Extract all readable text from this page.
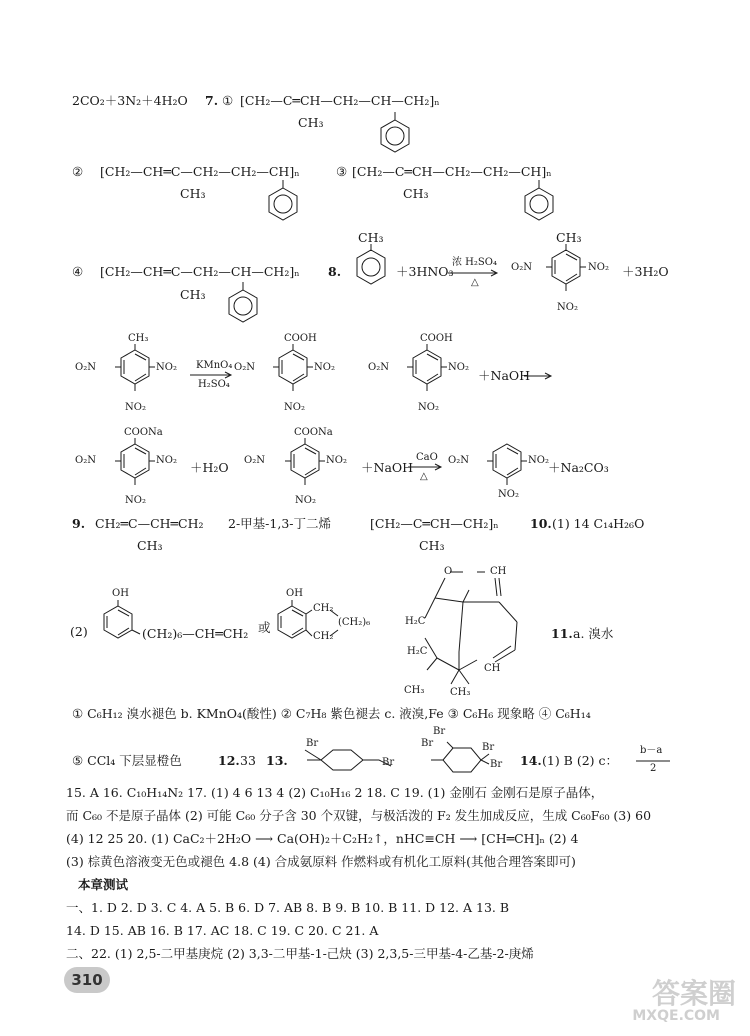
2CO₂＋3N₂＋4H₂O 7. ① [CH₂—C═CH—CH₂—CH—CH₂]ₙ
CH₃
② [CH₂—CH═C—CH₂—CH₂—CH]ₙ
CH₃
③ [CH₂—C═CH—CH₂—CH₂—CH]ₙ
CH₃
④ [CH₂—CH═C—CH₂—CH—CH₂]ₙ
CH₃
8.
CH₃
＋3HNO₃
浓 H₂SO₄
△
CH₃
O₂N	NO₂
NO₂
＋3H₂O
CH₃
O₂N	NO₂
NO₂
KMnO₄
H₂SO₄
COOH
O₂N	NO₂
NO₂
COOH
O₂N	NO₂
NO₂
＋NaOH
COONa
O₂N	NO₂
NO₂
＋H₂O
COONa
O₂N	NO₂
NO₂
＋NaOH
CaO
△
O₂N	NO₂
NO₂
＋Na₂CO₃
9. CH₂═C—CH═CH₂
CH₃
2-甲基-1,3-丁二烯	[CH₂—C═CH—CH₂]ₙ
CH₃
10. (1) 14 C₁₄H₂₆O
(2)
OH
(CH₂)₆—CH═CH₂ 或
OH
CH₂
CH₂
(CH₂)₆
O	CH
H₂C
H₂C
CH
CH₃	CH₃
11. a. 溴水
① C₆H₁₂ 溴水褪色 b. KMnO₄(酸性) ② C₇H₈ 紫色褪去 c. 液溴,Fe ③ C₆H₆ 现象略 ④ C₆H₁₄
⑤ CCl₄ 下层显橙色	12. 33 13.
Br
Br
Br
Br
Br
Br 14. (1) B (2) c：
b－a
2
15. A 16. C₁₀H₁₄N₂ 17. (1) 4 6 13 4 (2) C₁₀H₁₆ 2 18. C 19. (1) 金刚石 金刚石是原子晶体，
而 C₆₀ 不是原子晶体 (2) 可能 C₆₀ 分子含 30 个双键，与极活泼的 F₂ 发生加成反应，生成 C₆₀F₆₀ (3) 60
(4) 12 25 20. (1) CaC₂＋2H₂O ⟶ Ca(OH)₂＋C₂H₂↑，nHC≡CH ⟶ [CH═CH]ₙ (2) 4
(3) 棕黄色溶液变无色或褪色 4.8 (4) 合成氨原料 作燃料或有机化工原料(其他合理答案即可)
本章测试
一、1. D 2. D 3. C 4. A 5. B 6. D 7. AB 8. B 9. B 10. B 11. D 12. A 13. B
14. D 15. AB 16. B 17. AC 18. C 19. C 20. C 21. A
二、22. (1) 2,5-二甲基庚烷 (2) 3,3-二甲基-1-己炔 (3) 2,3,5-三甲基-4-乙基-2-庚烯
310	答案圈
MXQE.COM
